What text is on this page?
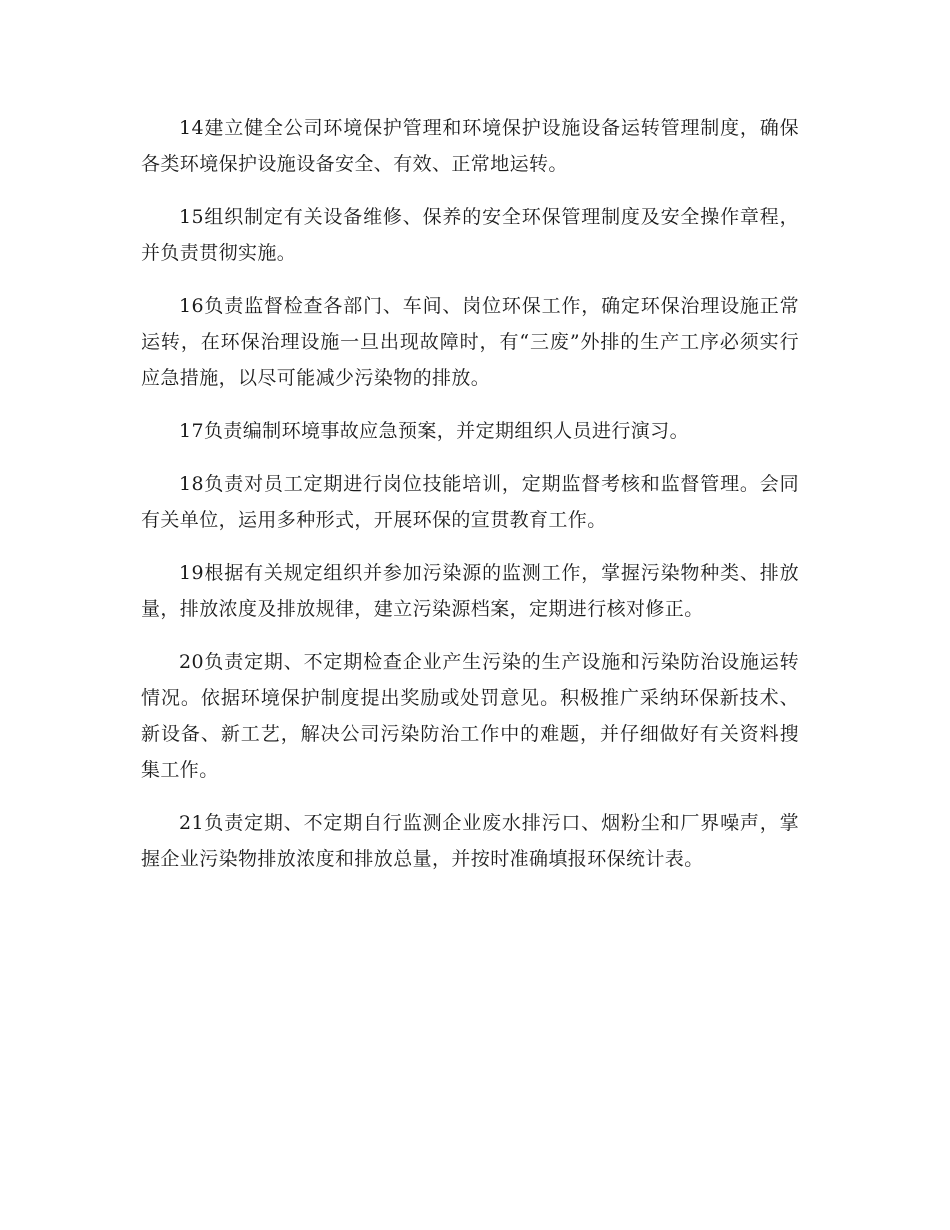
14建立健全公司环境保护管理和环境保护设施设备运转管理制度，确保各类环境保护设施设备安全、有效、正常地运转。

15组织制定有关设备维修、保养的安全环保管理制度及安全操作章程，并负责贯彻实施。

16负责监督检查各部门、车间、岗位环保工作，确定环保治理设施正常运转，在环保治理设施一旦出现故障时，有“三废”外排的生产工序必须实行应急措施，以尽可能减少污染物的排放。

17负责编制环境事故应急预案，并定期组织人员进行演习。

18负责对员工定期进行岗位技能培训，定期监督考核和监督管理。会同有关单位，运用多种形式，开展环保的宣贯教育工作。

19根据有关规定组织并参加污染源的监测工作，掌握污染物种类、排放量，排放浓度及排放规律，建立污染源档案，定期进行核对修正。

20负责定期、不定期检查企业产生污染的生产设施和污染防治设施运转情况。依据环境保护制度提出奖励或处罚意见。积极推广采纳环保新技术、新设备、新工艺，解决公司污染防治工作中的难题，并仔细做好有关资料搜集工作。

21负责定期、不定期自行监测企业废水排污口、烟粉尘和厂界噪声，掌握企业污染物排放浓度和排放总量，并按时准确填报环保统计表。
